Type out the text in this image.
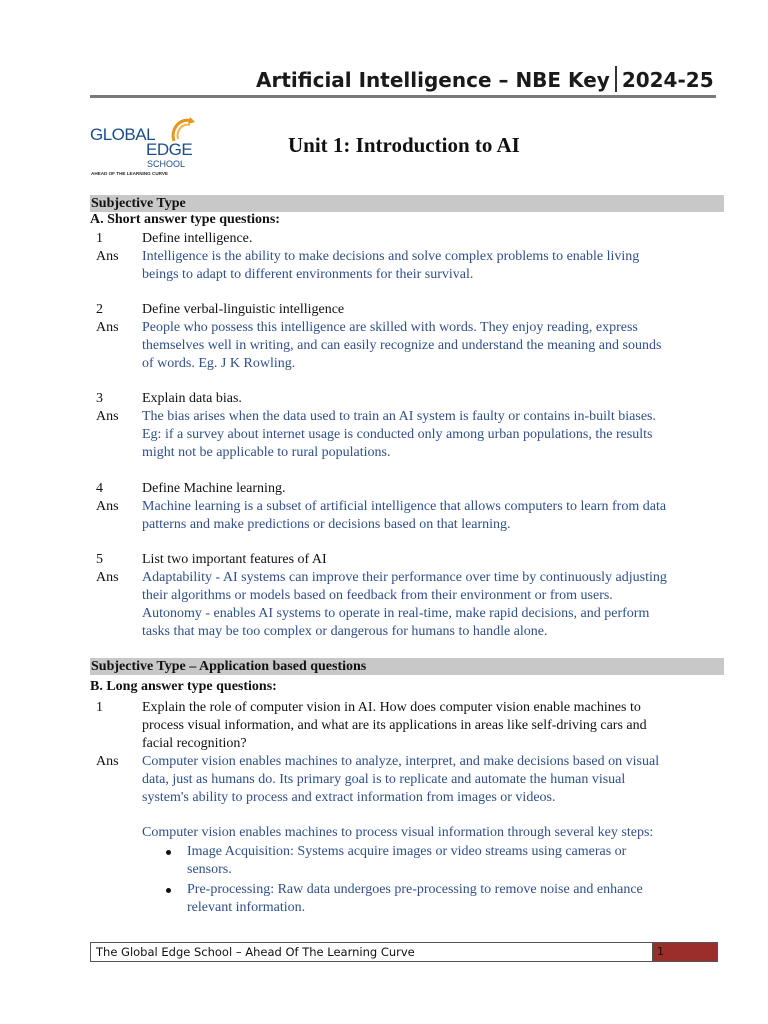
Artificial Intelligence – NBE Key 2024-25
GLOBAL
EDGE
SCHOOL
AHEAD OF THE LEARNING CURVE
Unit 1: Introduction to AI
Subjective Type
A. Short answer type questions:
1	Define intelligence.
Ans Intelligence is the ability to make decisions and solve complex problems to enable living
beings to adapt to different environments for their survival.
2	Define verbal-linguistic intelligence
Ans People who possess this intelligence are skilled with words. They enjoy reading, express
themselves well in writing, and can easily recognize and understand the meaning and sounds
of words. Eg. J K Rowling.
3	Explain data bias.
Ans The bias arises when the data used to train an AI system is faulty or contains in-built biases.
Eg: if a survey about internet usage is conducted only among urban populations, the results
might not be applicable to rural populations.
4	Define Machine learning.
Ans Machine learning is a subset of artificial intelligence that allows computers to learn from data
patterns and make predictions or decisions based on that learning.
5	List two important features of AI
Ans Adaptability - AI systems can improve their performance over time by continuously adjusting
their algorithms or models based on feedback from their environment or from users.
Autonomy - enables AI systems to operate in real-time, make rapid decisions, and perform
tasks that may be too complex or dangerous for humans to handle alone.
Subjective Type – Application based questions
B. Long answer type questions:
1	Explain the role of computer vision in AI. How does computer vision enable machines to
process visual information, and what are its applications in areas like self-driving cars and
facial recognition?
Ans Computer vision enables machines to analyze, interpret, and make decisions based on visual
data, just as humans do. Its primary goal is to replicate and automate the human visual
system's ability to process and extract information from images or videos.
Computer vision enables machines to process visual information through several key steps:
Image Acquisition: Systems acquire images or video streams using cameras or
sensors.
Pre-processing: Raw data undergoes pre-processing to remove noise and enhance
relevant information.
The Global Edge School – Ahead Of The Learning Curve	1
